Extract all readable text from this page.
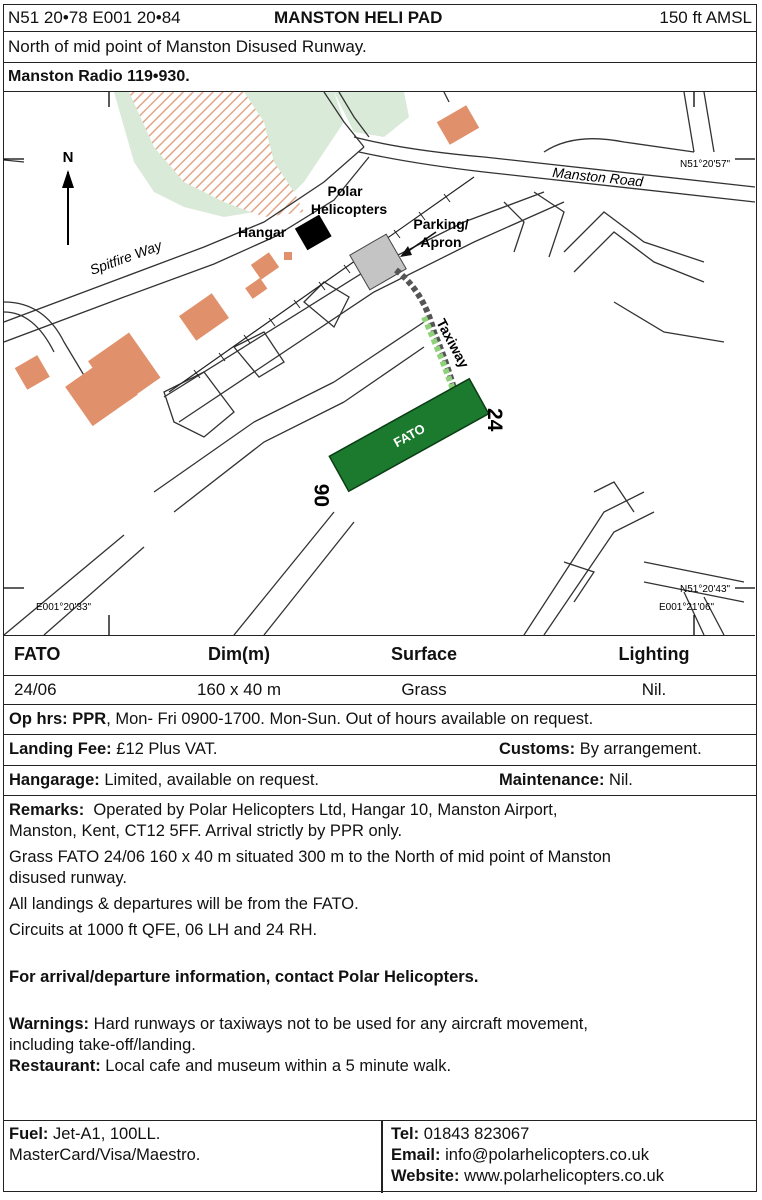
N51 20•78 E001 20•84	MANSTON HELI PAD	150 ft AMSL
North of mid point of Manston Disused Runway.
Manston Radio 119•930.
FATO
24
06
N
Manston Road
Spitfire Way
Polar Helicopters
Hangar	Parking/ Apron
Taxiway
N51°20'57"
N51°20'43"
E001°20'33"	E001°21'06"
FATO	Dim(m)	Surface	Lighting
24/06	160 x 40 m	Grass	Nil.
Op hrs: PPR, Mon- Fri 0900-1700. Mon-Sun. Out of hours available on request.
Landing Fee: £12 Plus VAT.	Customs: By arrangement.
Hangarage: Limited, available on request.	Maintenance: Nil.
Remarks: Operated by Polar Helicopters Ltd, Hangar 10, Manston Airport,
Manston, Kent, CT12 5FF. Arrival strictly by PPR only.
Grass FATO 24/06 160 x 40 m situated 300 m to the North of mid point of Manston
disused runway.
All landings & departures will be from the FATO.
Circuits at 1000 ft QFE, 06 LH and 24 RH.
For arrival/departure information, contact Polar Helicopters.
Warnings: Hard runways or taxiways not to be used for any aircraft movement,
including take-off/landing.
Restaurant: Local cafe and museum within a 5 minute walk.
Fuel: Jet-A1, 100LL.
MasterCard/Visa/Maestro.
Tel: 01843 823067
Email: info@polarhelicopters.co.uk
Website: www.polarhelicopters.co.uk
